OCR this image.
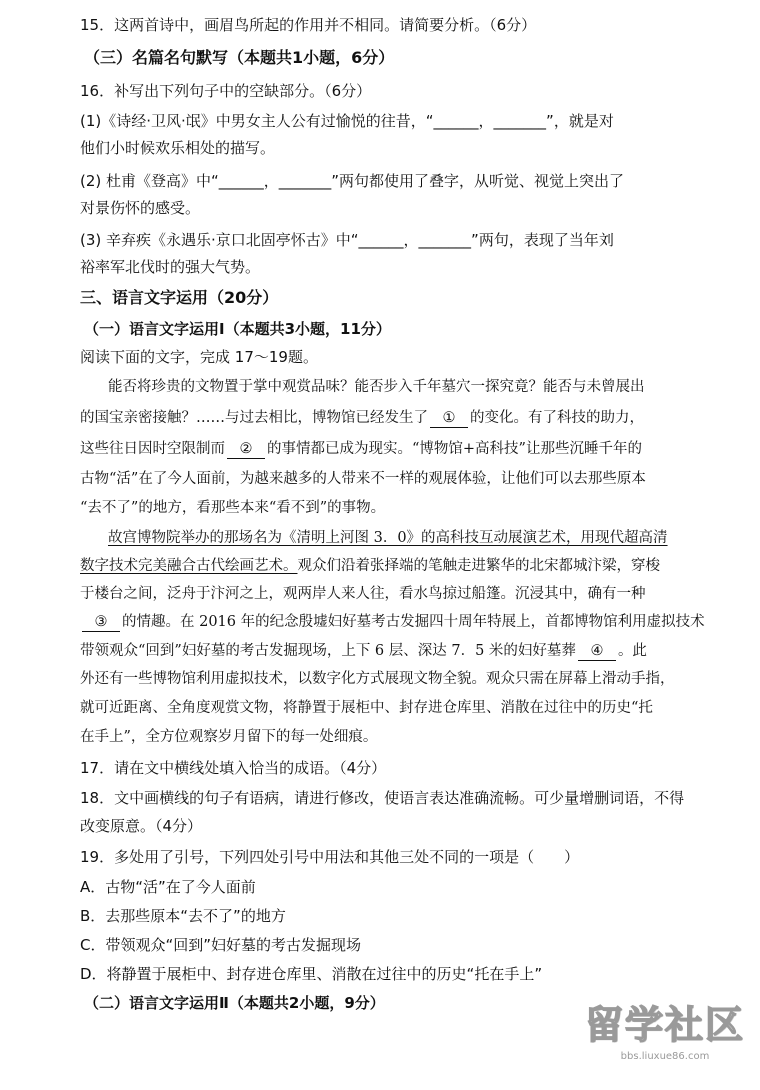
15．这两首诗中，画眉鸟所起的作用并不相同。请简要分析。（6分）
（三）名篇名句默写（本题共1小题，6分）
16．补写出下列句子中的空缺部分。（6分）
(1)《诗经·卫风·氓》中男女主人公有过愉悦的往昔，“______，_______”，就是对
他们小时候欢乐相处的描写。
(2) 杜甫《登高》中“______，_______”两句都使用了叠字，从听觉、视觉上突出了
对景伤怀的感受。
(3) 辛弃疾《永遇乐·京口北固亭怀古》中“______，_______”两句，表现了当年刘
裕率军北伐时的强大气势。
三、语言文字运用（20分）
（一）语言文字运用Ⅰ（本题共3小题，11分）
阅读下面的文字，完成 17～19题。
能否将珍贵的文物置于掌中观赏品味？能否步入千年墓穴一探究竟？能否与未曾展出
的国宝亲密接触？……与过去相比，博物馆已经发生了 ① 的变化。有了科技的助力，
这些往日因时空限制而 ② 的事情都已成为现实。“博物馆+高科技”让那些沉睡千年的
古物“活”在了今人面前，为越来越多的人带来不一样的观展体验，让他们可以去那些原本
“去不了”的地方，看那些本来“看不到”的事物。
故宫博物院举办的那场名为《清明上河图 3．0》的高科技互动展演艺术，用现代超高清
数字技术完美融合古代绘画艺术。观众们沿着张择端的笔触走进繁华的北宋都城汴梁，穿梭
于楼台之间，泛舟于汴河之上，观两岸人来人往，看水鸟掠过船篷。沉浸其中，确有一种
③ 的情趣。在 2016 年的纪念殷墟妇好墓考古发掘四十周年特展上，首都博物馆利用虚拟技术
带领观众“回到”妇好墓的考古发掘现场，上下 6 层、深达 7．5 米的妇好墓葬 ④ 。此
外还有一些博物馆利用虚拟技术，以数字化方式展现文物全貌。观众只需在屏幕上滑动手指，
就可近距离、全角度观赏文物，将静置于展柜中、封存进仓库里、消散在过往中的历史“托
在手上”，全方位观察岁月留下的每一处细痕。
17．请在文中横线处填入恰当的成语。（4分）
18．文中画横线的句子有语病，请进行修改，使语言表达准确流畅。可少量增删词语，不得
改变原意。（4分）
19．多处用了引号，下列四处引号中用法和其他三处不同的一项是（　　）
A．古物“活”在了今人面前
B．去那些原本“去不了”的地方
C．带领观众“回到”妇好墓的考古发掘现场
D．将静置于展柜中、封存进仓库里、消散在过往中的历史“托在手上”
（二）语言文字运用Ⅱ（本题共2小题，9分）	留学社区
bbs.liuxue86.com
